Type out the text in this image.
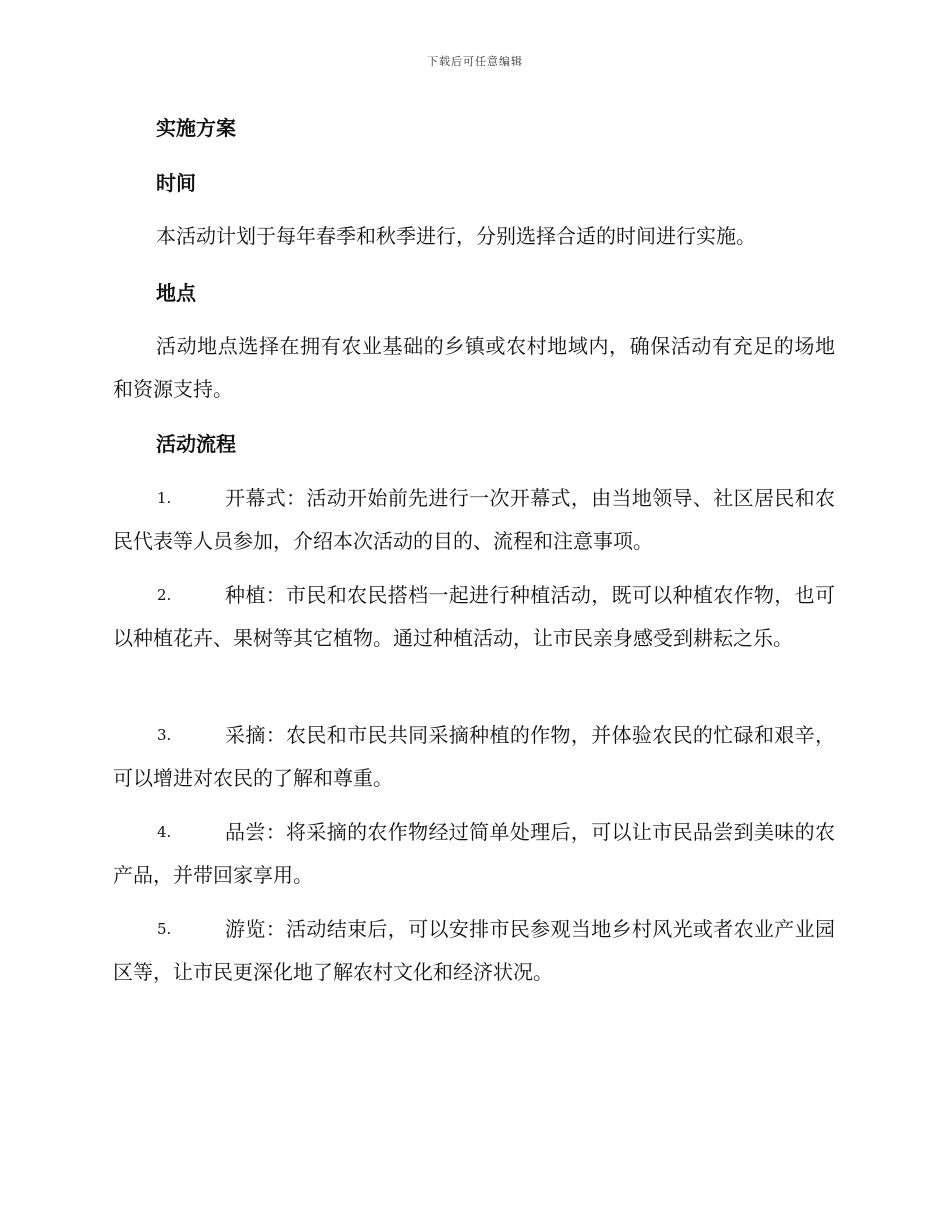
下载后可任意编辑
实施方案
时间
本活动计划于每年春季和秋季进行，分别选择合适的时间进行实施。
地点
活动地点选择在拥有农业基础的乡镇或农村地域内，确保活动有充足的场地和资源支持。
活动流程
1.	开幕式：活动开始前先进行一次开幕式，由当地领导、社区居民和农民代表等人员参加，介绍本次活动的目的、流程和注意事项。
2.	种植：市民和农民搭档一起进行种植活动，既可以种植农作物，也可以种植花卉、果树等其它植物。通过种植活动，让市民亲身感受到耕耘之乐。
3.	采摘：农民和市民共同采摘种植的作物，并体验农民的忙碌和艰辛，可以增进对农民的了解和尊重。
4.	品尝：将采摘的农作物经过简单处理后，可以让市民品尝到美味的农产品，并带回家享用。
5.	游览：活动结束后，可以安排市民参观当地乡村风光或者农业产业园区等，让市民更深化地了解农村文化和经济状况。
